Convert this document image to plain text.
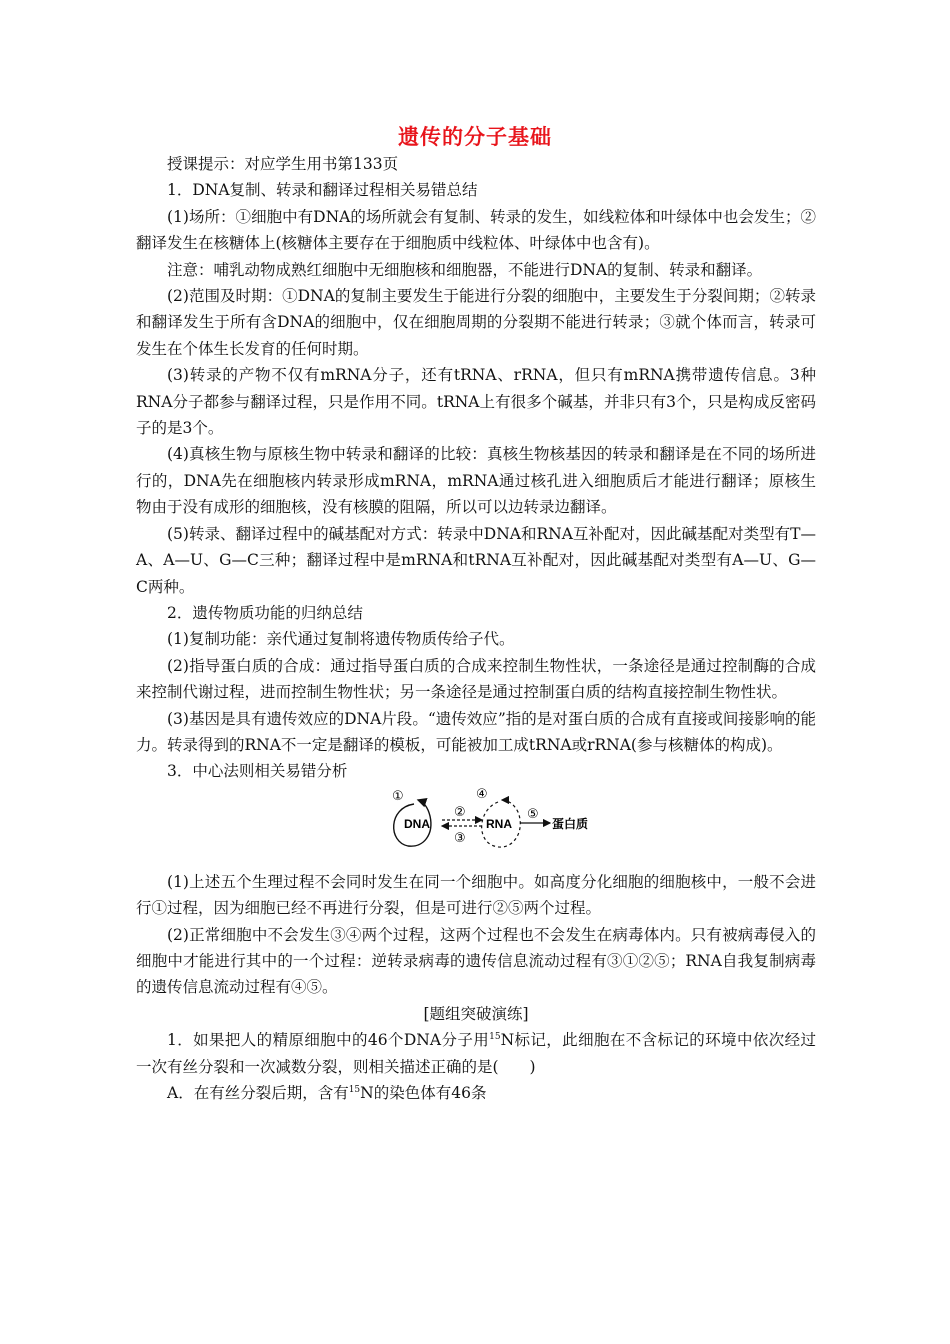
遗传的分子基础

授课提示：对应学生用书第133页

1．DNA复制、转录和翻译过程相关易错总结

(1)场所：①细胞中有DNA的场所就会有复制、转录的发生，如线粒体和叶绿体中也会发生；②翻译发生在核糖体上(核糖体主要存在于细胞质中线粒体、叶绿体中也含有)。

注意：哺乳动物成熟红细胞中无细胞核和细胞器，不能进行DNA的复制、转录和翻译。

(2)范围及时期：①DNA的复制主要发生于能进行分裂的细胞中，主要发生于分裂间期；②转录和翻译发生于所有含DNA的细胞中，仅在细胞周期的分裂期不能进行转录；③就个体而言，转录可发生在个体生长发育的任何时期。

(3)转录的产物不仅有mRNA分子，还有tRNA、rRNA，但只有mRNA携带遗传信息。3种RNA分子都参与翻译过程，只是作用不同。tRNA上有很多个碱基，并非只有3个，只是构成反密码子的是3个。

(4)真核生物与原核生物中转录和翻译的比较：真核生物核基因的转录和翻译是在不同的场所进行的，DNA先在细胞核内转录形成mRNA，mRNA通过核孔进入细胞质后才能进行翻译；原核生物由于没有成形的细胞核，没有核膜的阻隔，所以可以边转录边翻译。

(5)转录、翻译过程中的碱基配对方式：转录中DNA和RNA互补配对，因此碱基配对类型有T—A、A—U、G—C三种；翻译过程中是mRNA和tRNA互补配对，因此碱基配对类型有A—U、G—C两种。

2．遗传物质功能的归纳总结

(1)复制功能：亲代通过复制将遗传物质传给子代。

(2)指导蛋白质的合成：通过指导蛋白质的合成来控制生物性状，一条途径是通过控制酶的合成来控制代谢过程，进而控制生物性状；另一条途径是通过控制蛋白质的结构直接控制生物性状。

(3)基因是具有遗传效应的DNA片段。“遗传效应”指的是对蛋白质的合成有直接或间接影响的能力。转录得到的RNA不一定是翻译的模板，可能被加工成tRNA或rRNA(参与核糖体的构成)。

3．中心法则相关易错分析

DNA	RNA	蛋白质
①
②
③
④
⑤

(1)上述五个生理过程不会同时发生在同一个细胞中。如高度分化细胞的细胞核中，一般不会进行①过程，因为细胞已经不再进行分裂，但是可进行②⑤两个过程。

(2)正常细胞中不会发生③④两个过程，这两个过程也不会发生在病毒体内。只有被病毒侵入的细胞中才能进行其中的一个过程：逆转录病毒的遗传信息流动过程有③①②⑤；RNA自我复制病毒的遗传信息流动过程有④⑤。

[题组突破演练]

1．如果把人的精原细胞中的46个DNA分子用$^{15}$N标记，此细胞在不含标记的环境中依次经过一次有丝分裂和一次减数分裂，则相关描述正确的是(　　)

A．在有丝分裂后期，含有$^{15}$N的染色体有46条
